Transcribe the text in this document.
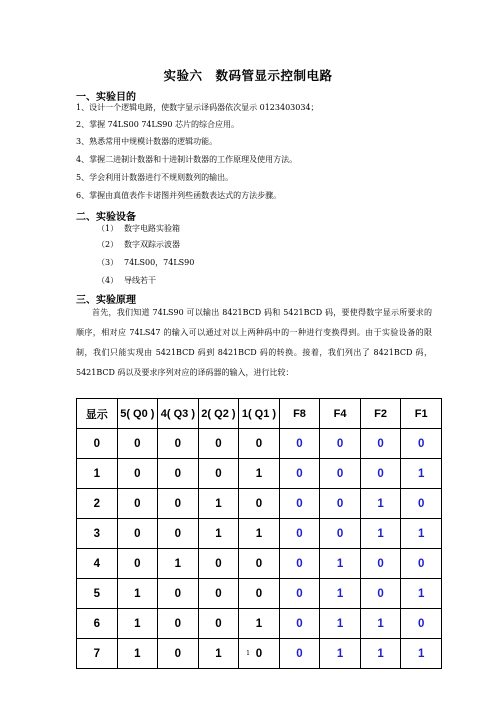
实验六　数码管显示控制电路
一、实验目的
1、设计一个逻辑电路，使数字显示译码器依次显示 0123403034；
2、掌握 74LS00 74LS90 芯片的综合应用。
3、熟悉常用中规模计数器的逻辑功能。
4、掌握二进制计数器和十进制计数器的工作原理及使用方法。
5、学会利用计数器进行不规则数列的输出。
6、掌握由真值表作卡诺图并列些函数表达式的方法步骤。
二、实验设备
（1） 数字电路实验箱
（2） 数字双踪示波器
（3） 74LS00，74LS90
（4） 导线若干
三、实验原理
首先，我们知道 74LS90 可以输出 8421BCD 码和 5421BCD 码，要使得数字显示所要求的顺序，相对应 74LS47 的输入可以通过对以上两种码中的一种进行变换得到。由于实验设备的限制，我们只能实现由 5421BCD 码到 8421BCD 码的转换。接着，我们列出了 8421BCD 码，5421BCD 码以及要求序列对应的译码器的输入，进行比较：
显示	5( Q0 )	4( Q3 )	2( Q2 )	1( Q1 )	F8	F4	F2	F1
0	0	0	0	0	0	0	0	0
1	0	0	0	1	0	0	0	1
2	0	0	1	0	0	0	1	0
3	0	0	1	1	0	0	1	1
4	0	1	0	0	0	1	0	0
5	1	0	0	0	0	1	0	1
6	1	0	0	1	0	1	1	0
7	1	0	1	0	0	1	1	1
1
